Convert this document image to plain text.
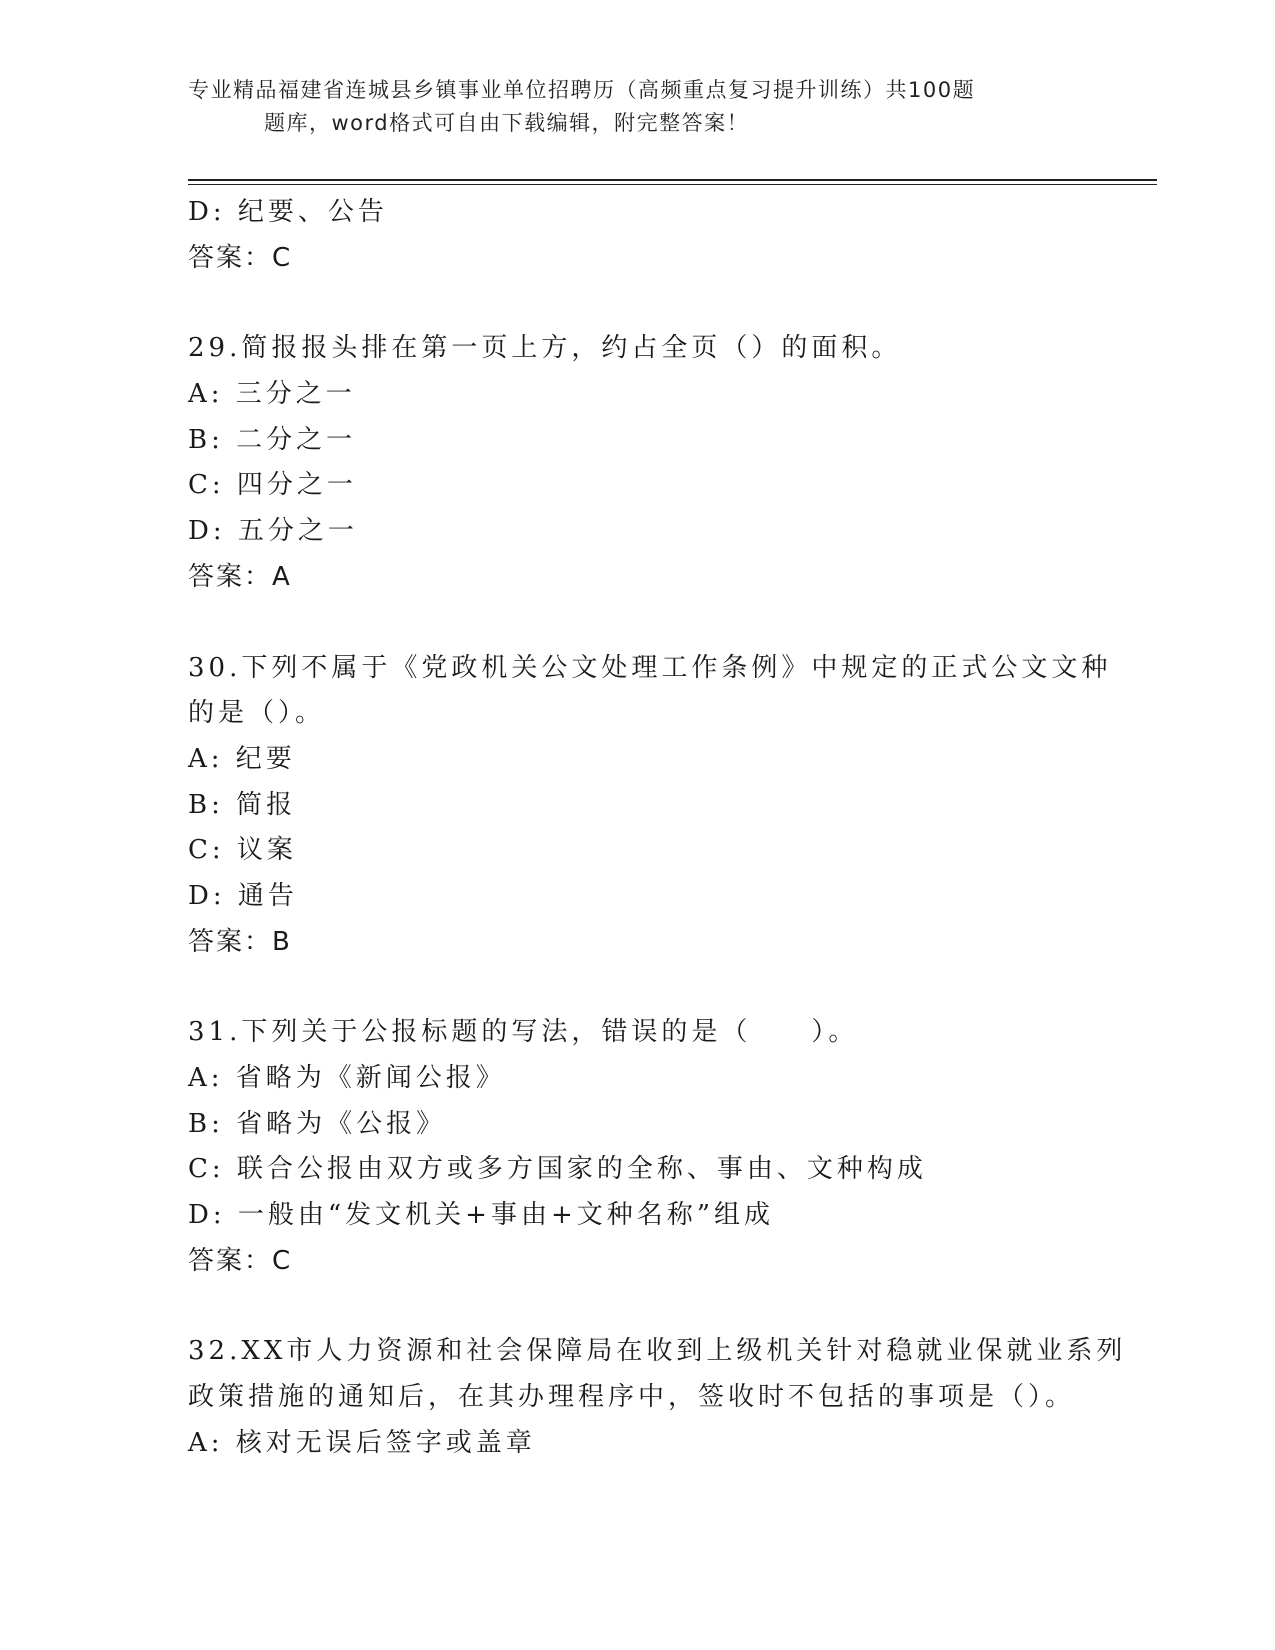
专业精品福建省连城县乡镇事业单位招聘历（高频重点复习提升训练）共100题
题库，word格式可自由下载编辑，附完整答案！
D: 纪要、公告
答案：C
29.简报报头排在第一页上方，约占全页（）的面积。
A: 三分之一
B: 二分之一
C: 四分之一
D: 五分之一
答案：A
30.下列不属于《党政机关公文处理工作条例》中规定的正式公文文种
的是（）。
A: 纪要
B: 简报
C: 议案
D: 通告
答案：B
31.下列关于公报标题的写法，错误的是（　　）。
A: 省略为《新闻公报》
B: 省略为《公报》
C: 联合公报由双方或多方国家的全称、事由、文种构成
D: 一般由“发文机关+事由+文种名称”组成
答案：C
32.XX市人力资源和社会保障局在收到上级机关针对稳就业保就业系列
政策措施的通知后，在其办理程序中，签收时不包括的事项是（）。
A: 核对无误后签字或盖章
